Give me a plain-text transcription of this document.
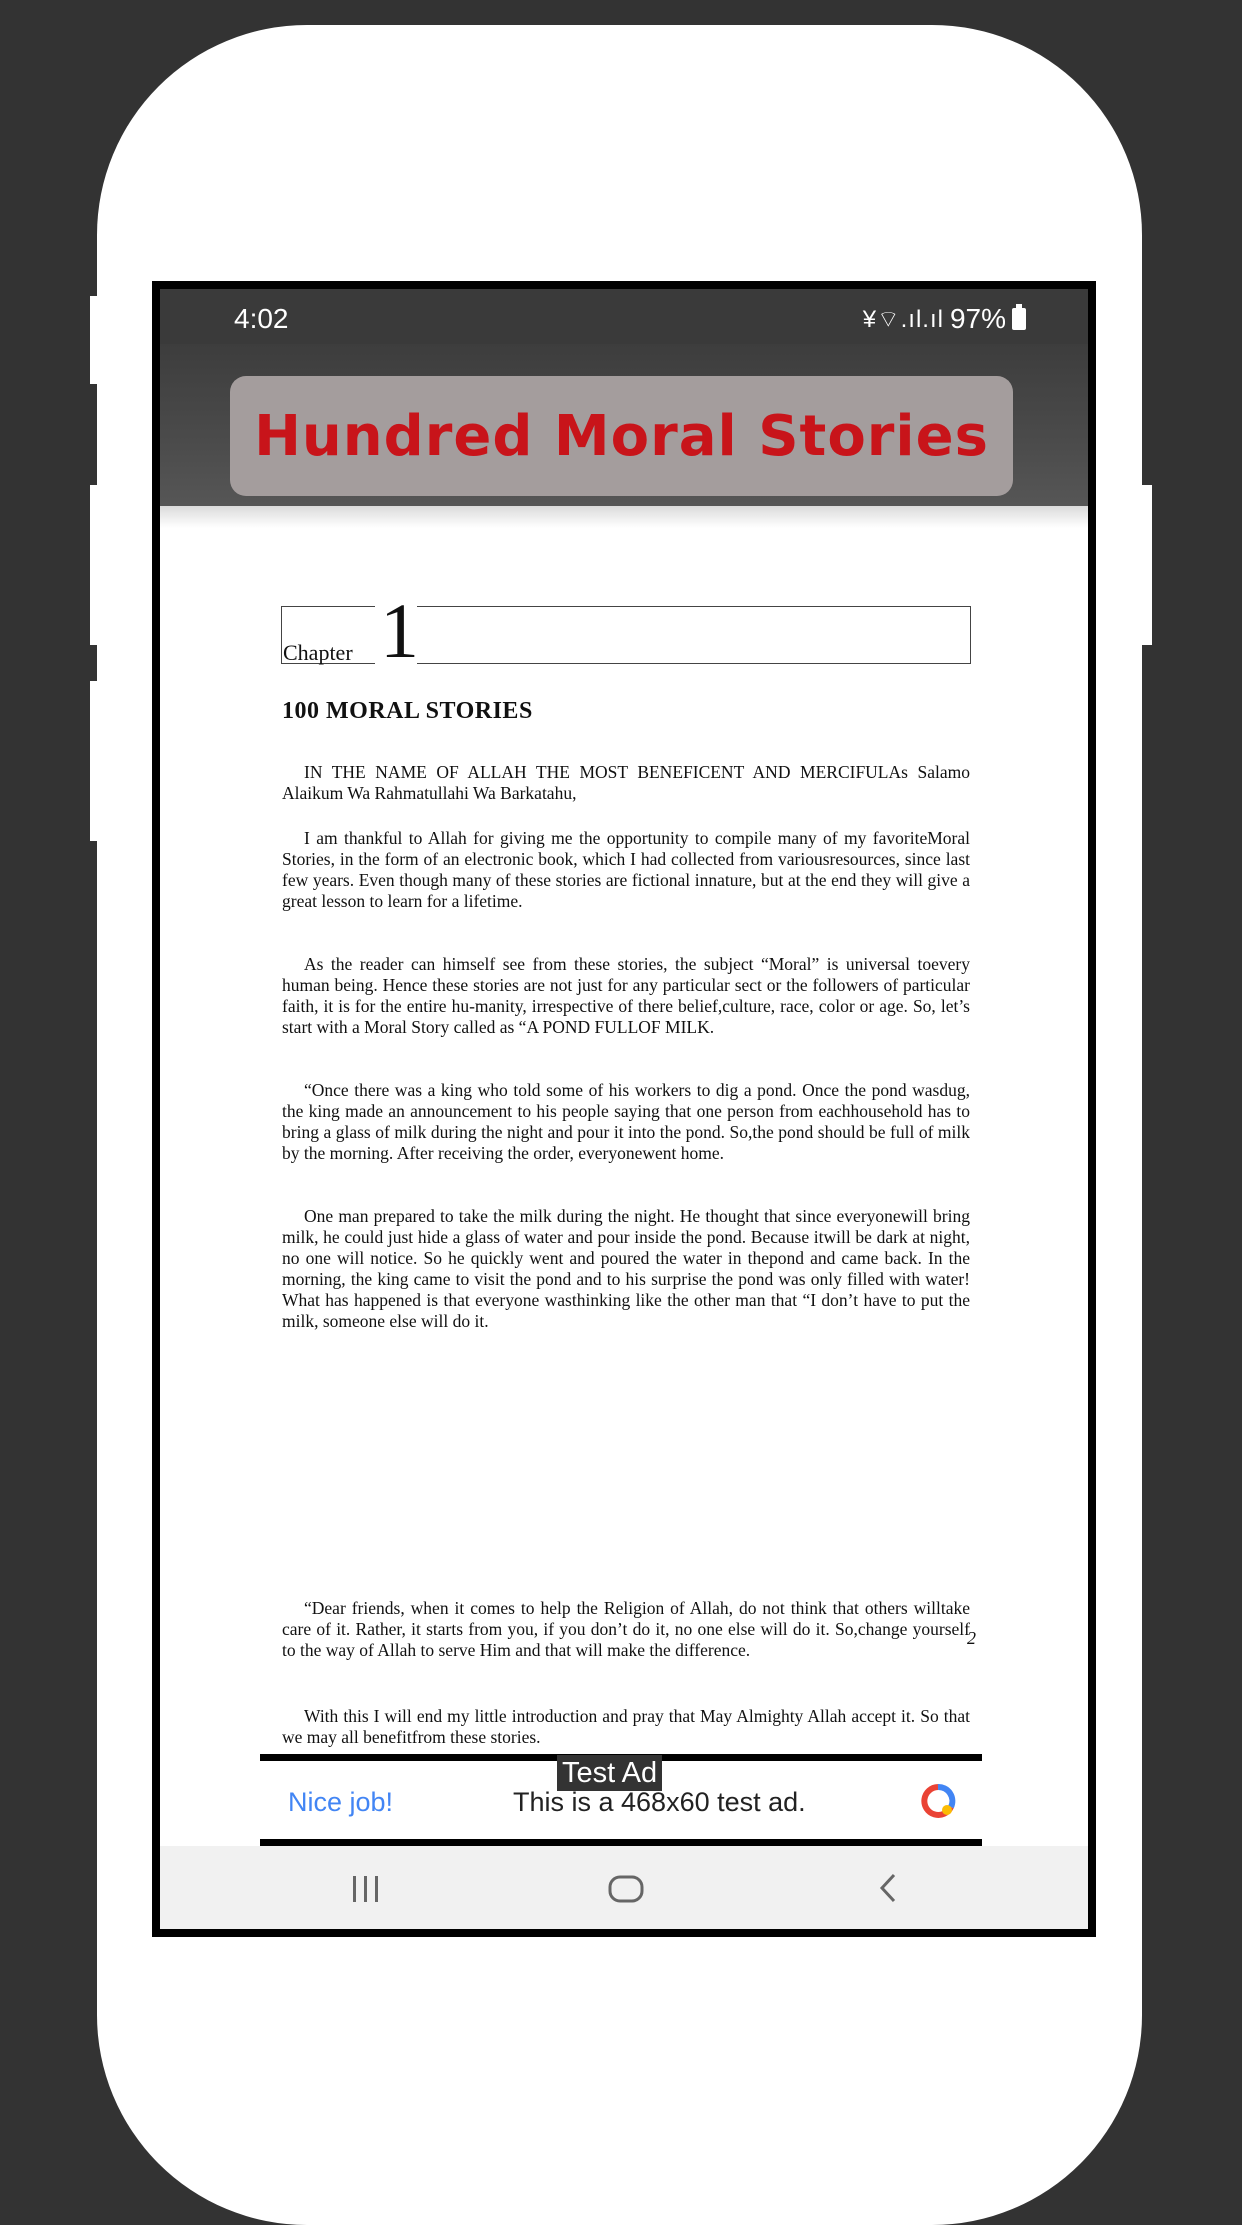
4:02	¥⌔.ıl.ıl 97%
Hundred Moral Stories
Chapter 1
100 MORAL STORIES

IN THE NAME OF ALLAH THE MOST BENEFICENT AND MERCIFULAs Salamo Alaikum Wa Rahmatullahi Wa Barkatahu,

I am thankful to Allah for giving me the opportunity to compile many of my favoriteMoral Stories, in the form of an electronic book, which I had collected from variousresources, since last few years. Even though many of these stories are fictional innature, but at the end they will give a great lesson to learn for a lifetime.

As the reader can himself see from these stories, the subject “Moral” is universal toevery human being. Hence these stories are not just for any particular sect or the followers of particular faith, it is for the entire hu-manity, irrespective of there belief,culture, race, color or age. So, let’s start with a Moral Story called as “A POND FULLOF MILK.

“Once there was a king who told some of his workers to dig a pond. Once the pond wasdug, the king made an announcement to his people saying that one person from eachhousehold has to bring a glass of milk during the night and pour it into the pond. So,the pond should be full of milk by the morning. After receiving the order, everyonewent home.

One man prepared to take the milk during the night. He thought that since everyonewill bring milk, he could just hide a glass of water and pour inside the pond. Because itwill be dark at night, no one will notice. So he quickly went and poured the water in thepond and came back. In the morning, the king came to visit the pond and to his surprise the pond was only filled with water! What has happened is that everyone wasthinking like the other man that “I don’t have to put the milk, someone else will do it.

2

“Dear friends, when it comes to help the Religion of Allah, do not think that others willtake care of it. Rather, it starts from you, if you don’t do it, no one else will do it. So,change yourself to the way of Allah to serve Him and that will make the difference.

With this I will end my little introduction and pray that May Almighty Allah accept it. So that we may all benefitfrom these stories.

Test Ad
Nice job!	This is a 468x60 test ad.
